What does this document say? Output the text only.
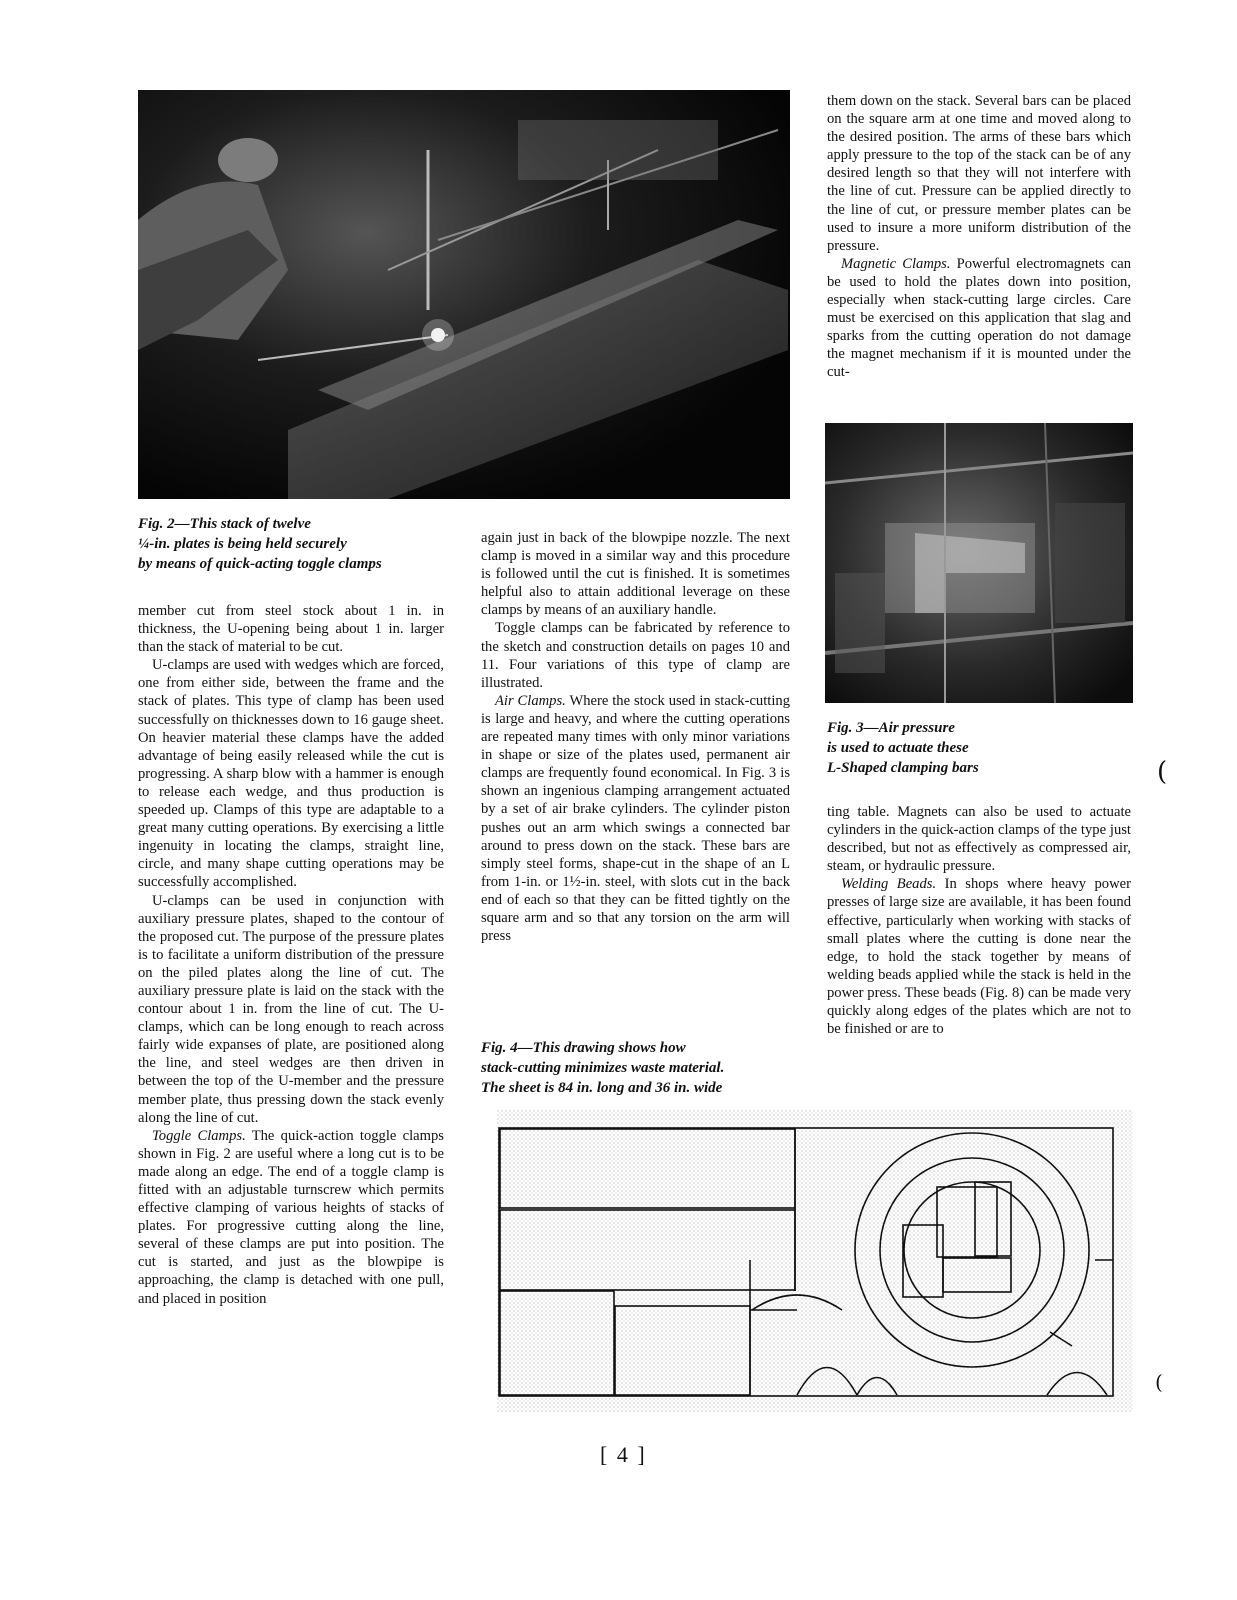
Fig. 2—This stack of twelve
¼-in. plates is being held securely
by means of quick-acting toggle clamps

member cut from steel stock about 1 in. in thickness, the U-opening being about 1 in. larger than the stack of material to be cut.

U-clamps are used with wedges which are forced, one from either side, between the frame and the stack of plates. This type of clamp has been used successfully on thicknesses down to 16 gauge sheet. On heavier material these clamps have the added advantage of being easily released while the cut is progressing. A sharp blow with a hammer is enough to release each wedge, and thus production is speeded up. Clamps of this type are adaptable to a great many cutting operations. By exercising a little ingenuity in locating the clamps, straight line, circle, and many shape cutting operations may be successfully accomplished.

U-clamps can be used in conjunction with auxiliary pressure plates, shaped to the contour of the proposed cut. The purpose of the pressure plates is to facilitate a uniform distribution of the pressure on the piled plates along the line of cut. The auxiliary pressure plate is laid on the stack with the contour about 1 in. from the line of cut. The U-clamps, which can be long enough to reach across fairly wide expanses of plate, are positioned along the line, and steel wedges are then driven in between the top of the U-member and the pressure member plate, thus pressing down the stack evenly along the line of cut.

Toggle Clamps. The quick-action toggle clamps shown in Fig. 2 are useful where a long cut is to be made along an edge. The end of a toggle clamp is fitted with an adjustable turnscrew which permits effective clamping of various heights of stacks of plates. For progressive cutting along the line, several of these clamps are put into position. The cut is started, and just as the blowpipe is approaching, the clamp is detached with one pull, and placed in position

again just in back of the blowpipe nozzle. The next clamp is moved in a similar way and this procedure is followed until the cut is finished. It is sometimes helpful also to attain additional leverage on these clamps by means of an auxiliary handle.

Toggle clamps can be fabricated by reference to the sketch and construction details on pages 10 and 11. Four variations of this type of clamp are illustrated.

Air Clamps. Where the stock used in stack-cutting is large and heavy, and where the cutting operations are repeated many times with only minor variations in shape or size of the plates used, permanent air clamps are frequently found economical. In Fig. 3 is shown an ingenious clamping arrangement actuated by a set of air brake cylinders. The cylinder piston pushes out an arm which swings a connected bar around to press down on the stack. These bars are simply steel forms, shape-cut in the shape of an L from 1-in. or 1½-in. steel, with slots cut in the back end of each so that they can be fitted tightly on the square arm and so that any torsion on the arm will press

Fig. 4—This drawing shows how
stack-cutting minimizes waste material.
The sheet is 84 in. long and 36 in. wide

them down on the stack. Several bars can be placed on the square arm at one time and moved along to the desired position. The arms of these bars which apply pressure to the top of the stack can be of any desired length so that they will not interfere with the line of cut. Pressure can be applied directly to the line of cut, or pressure member plates can be used to insure a more uniform distribution of the pressure.

Magnetic Clamps. Powerful electromagnets can be used to hold the plates down into position, especially when stack-cutting large circles. Care must be exercised on this application that slag and sparks from the cutting operation do not damage the magnet mechanism if it is mounted under the cut-

Fig. 3—Air pressure
is used to actuate these
L-Shaped clamping bars

ting table. Magnets can also be used to actuate cylinders in the quick-action clamps of the type just described, but not as effectively as compressed air, steam, or hydraulic pressure.

Welding Beads. In shops where heavy power presses of large size are available, it has been found effective, particularly when working with stacks of small plates where the cutting is done near the edge, to hold the stack together by means of welding beads applied while the stack is held in the power press. These beads (Fig. 8) can be made very quickly along edges of the plates which are not to be finished or are to

[ 4 ]
(
(
